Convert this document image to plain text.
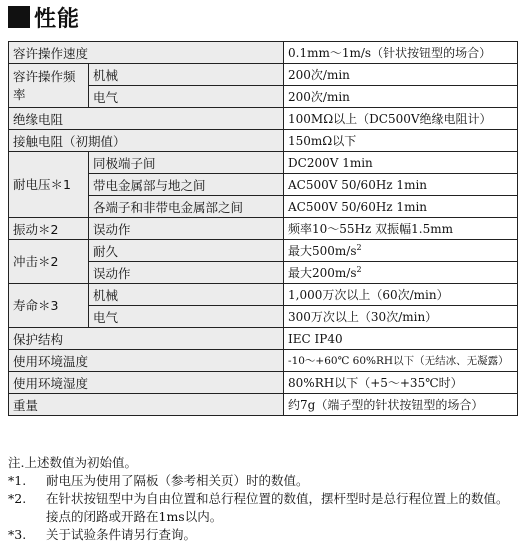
性能
容许操作速度		0.1mm～1m/s（针状按钮型的场合）
容许操作频率	机械	200次/min
	电气	200次/min
绝缘电阻		100MΩ以上（DC500V绝缘电阻计）
接触电阻（初期值）		150mΩ以下
耐电压＊1	同极端子间	DC200V 1min
	带电金属部与地之间	AC500V 50/60Hz 1min
	各端子和非带电金属部之间	AC500V 50/60Hz 1min
振动＊2	误动作	频率10～55Hz 双振幅1.5mm
冲击＊2	耐久	最大$500m/s^2$
	误动作	最大$200m/s^2$
寿命＊3	机械	1,000万次以上（60次/min）
	电气	300万次以上（30次/min）
保护结构		IEC IP40
使用环境温度		-10～+60℃ 60%RH以下（无结冰、无凝露）
使用环境湿度		80%RH以下（+5～+35℃时）
重量		约7g（端子型的针状按钮型的场合）
注.上述数值为初始值。
*1.	耐电压为使用了隔板（参考相关页）时的数值。
*2.	在针状按钮型中为自由位置和总行程位置的数值，摆杆型时是总行程位置上的数值。接点的闭路或开路在1ms以内。
*3.	关于试验条件请另行查询。
